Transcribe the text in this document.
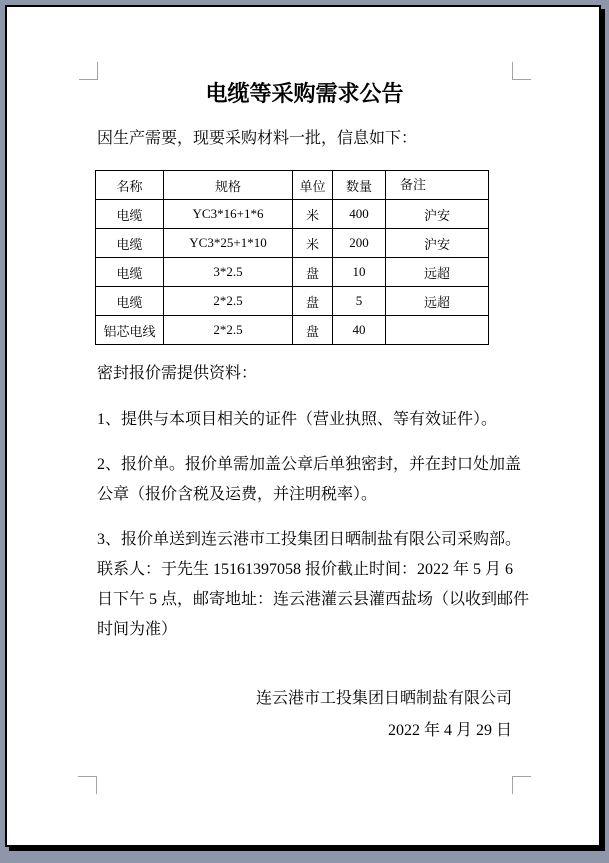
电缆等采购需求公告
因生产需要，现要采购材料一批，信息如下：
名称	规格	单位	数量	备注
电缆	YC3*16+1*6	米	400	沪安
电缆	YC3*25+1*10	米	200	沪安
电缆	3*2.5	盘	10	远超
电缆	2*2.5	盘	5	远超
铝芯电线	2*2.5	盘	40	
密封报价需提供资料：
1、提供与本项目相关的证件（营业执照、等有效证件）。
2、报价单。报价单需加盖公章后单独密封，并在封口处加盖
公章（报价含税及运费，并注明税率）。
3、报价单送到连云港市工投集团日晒制盐有限公司采购部。
联系人：于先生 15161397058 报价截止时间：2022 年 5 月 6
日下午 5 点，邮寄地址：连云港灌云县灌西盐场（以收到邮件
时间为准）
连云港市工投集团日晒制盐有限公司
2022 年 4 月 29 日
